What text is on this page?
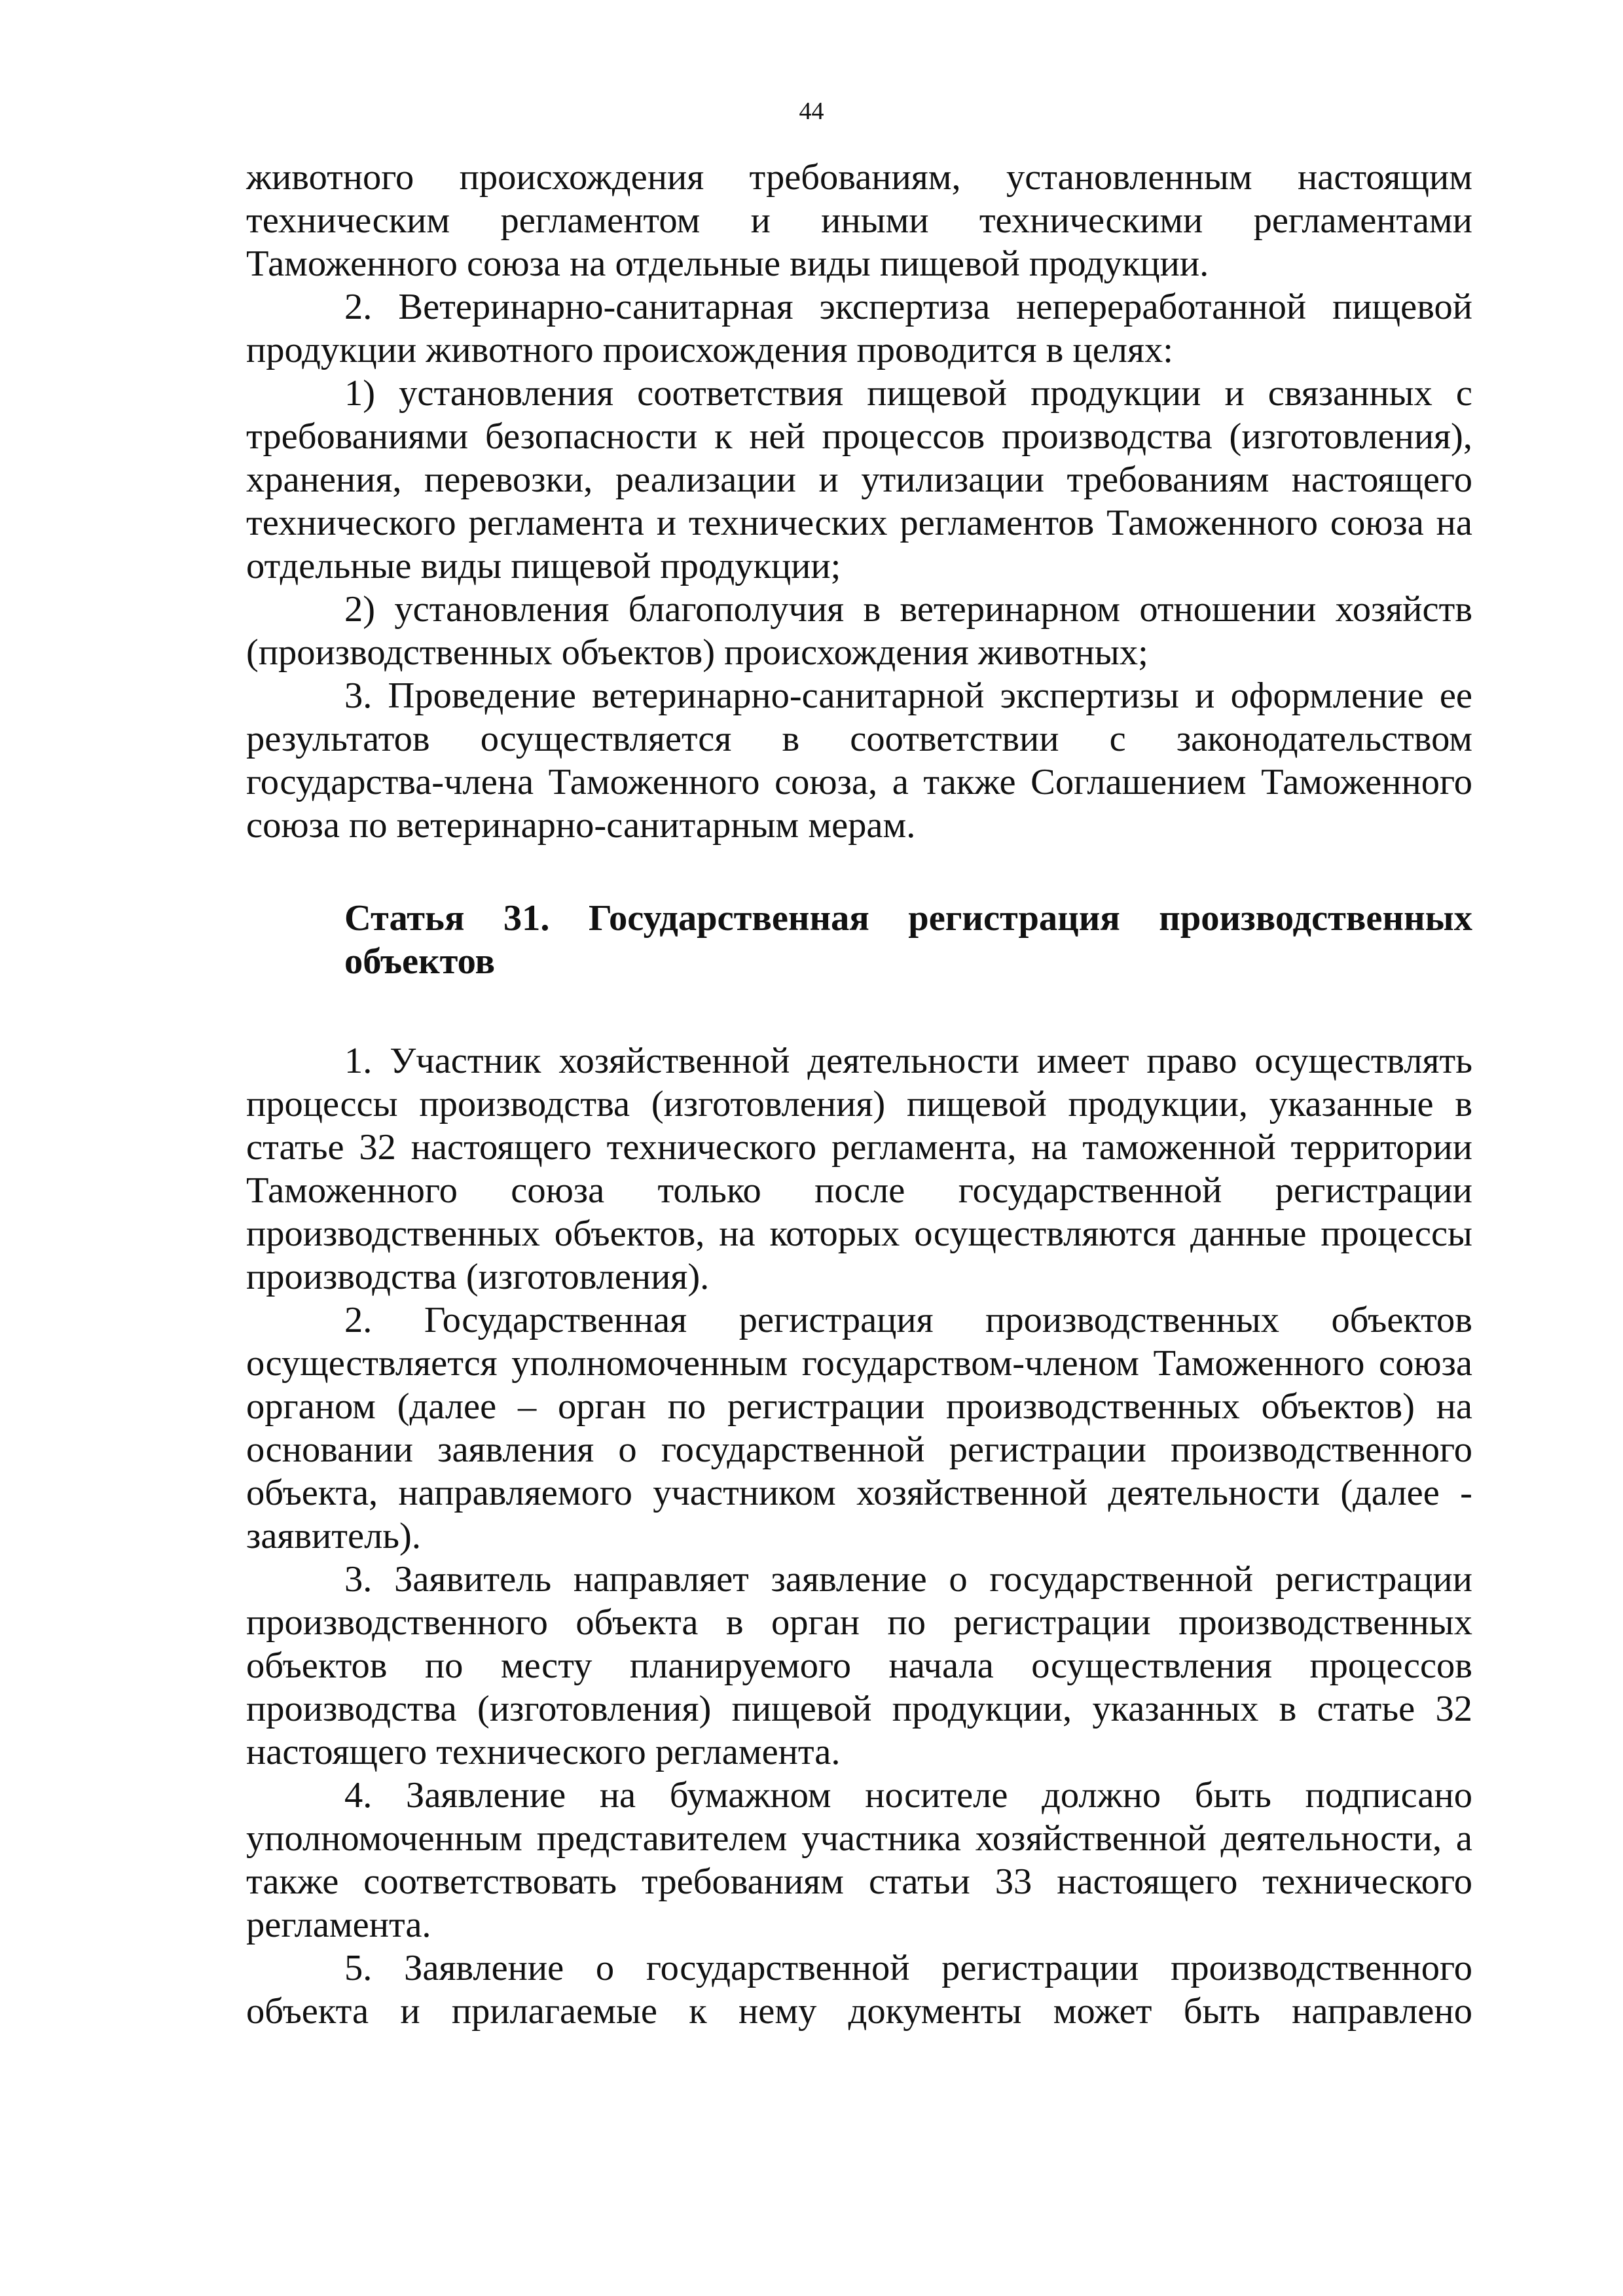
44

животного происхождения требованиям, установленным настоящим техническим регламентом и иными техническими регламентами Таможенного союза на отдельные виды пищевой продукции.

2. Ветеринарно-санитарная экспертиза непереработанной пищевой продукции животного происхождения проводится в целях:

1) установления соответствия пищевой продукции и связанных с требованиями безопасности к ней процессов производства (изготовления), хранения, перевозки, реализации и утилизации требованиям настоящего технического регламента и технических регламентов Таможенного союза на отдельные виды пищевой продукции;

2) установления благополучия в ветеринарном отношении хозяйств (производственных объектов) происхождения животных;

3. Проведение ветеринарно-санитарной экспертизы и оформление ее результатов осуществляется в соответствии с законодательством государства-члена Таможенного союза, а также Соглашением Таможенного союза по ветеринарно-санитарным мерам.

Статья 31. Государственная регистрация производственных объектов

1. Участник хозяйственной деятельности имеет право осуществлять процессы производства (изготовления) пищевой продукции, указанные в статье 32 настоящего технического регламента, на таможенной территории Таможенного союза только после государственной регистрации производственных объектов, на которых осуществляются данные процессы производства (изготовления).

2. Государственная регистрация производственных объектов осуществляется уполномоченным государством-членом Таможенного союза органом (далее – орган по регистрации производственных объектов) на основании заявления о государственной регистрации производственного объекта, направляемого участником хозяйственной деятельности (далее - заявитель).

3. Заявитель направляет заявление о государственной регистрации производственного объекта в орган по регистрации производственных объектов по месту планируемого начала осуществления процессов производства (изготовления) пищевой продукции, указанных в статье 32 настоящего технического регламента.

4. Заявление на бумажном носителе должно быть подписано уполномоченным представителем участника хозяйственной деятельности, а также соответствовать требованиям статьи 33 настоящего технического регламента.

5. Заявление о государственной регистрации производственного объекта и прилагаемые к нему документы может быть направлено
